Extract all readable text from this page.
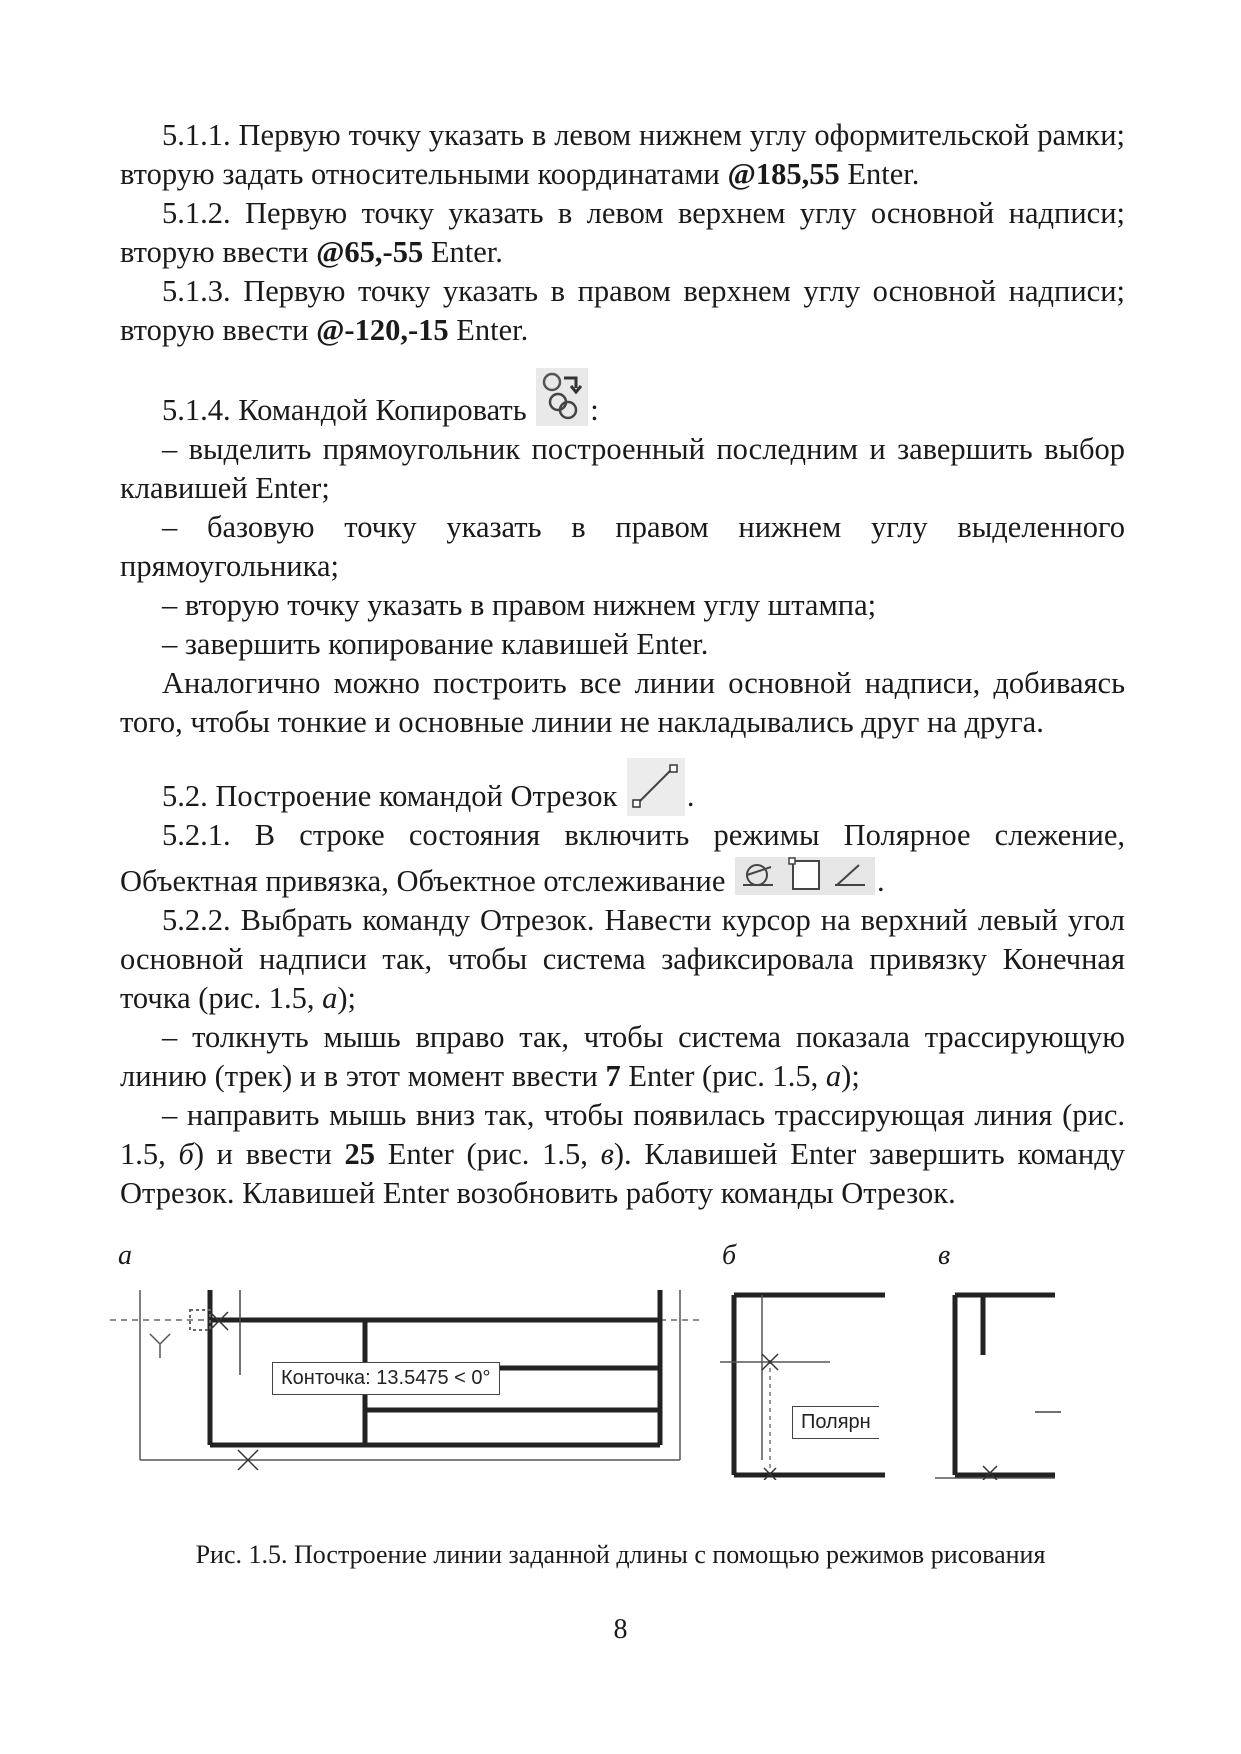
5.1.1. Первую точку указать в левом нижнем углу оформительской рамки; вторую задать относительными координатами @185,55 Enter.

5.1.2. Первую точку указать в левом верхнем углу основной надписи; вторую ввести @65,-55 Enter.

5.1.3. Первую точку указать в правом верхнем углу основной надписи; вторую ввести @-120,-15 Enter.

5.1.4. Командой Копировать :

– выделить прямоугольник построенный последним и завершить выбор клавишей Enter;

– базовую точку указать в правом нижнем углу выделенного прямоугольника;

– вторую точку указать в правом нижнем углу штампа;

– завершить копирование клавишей Enter.

Аналогично можно построить все линии основной надписи, добиваясь того, чтобы тонкие и основные линии не накладывались друг на друга.

5.2. Построение командой Отрезок .

5.2.1. В строке состояния включить режимы Полярное слежение, Объектная привязка, Объектное отслеживание	.

5.2.2. Выбрать команду Отрезок. Навести курсор на верхний левый угол основной надписи так, чтобы система зафиксировала привязку Конечная точка (рис. 1.5, а);

– толкнуть мышь вправо так, чтобы система показала трассирующую линию (трек) и в этот момент ввести 7 Enter (рис. 1.5, а);

– направить мышь вниз так, чтобы появилась трассирующая линия (рис. 1.5, б) и ввести 25 Enter (рис. 1.5, в). Клавишей Enter завершить команду Отрезок. Клавишей Enter возобновить работу команды Отрезок.

а	б	в
Конточка: 13.5475 < 0°
Полярн
Рис. 1.5. Построение линии заданной длины с помощью режимов рисования
8
